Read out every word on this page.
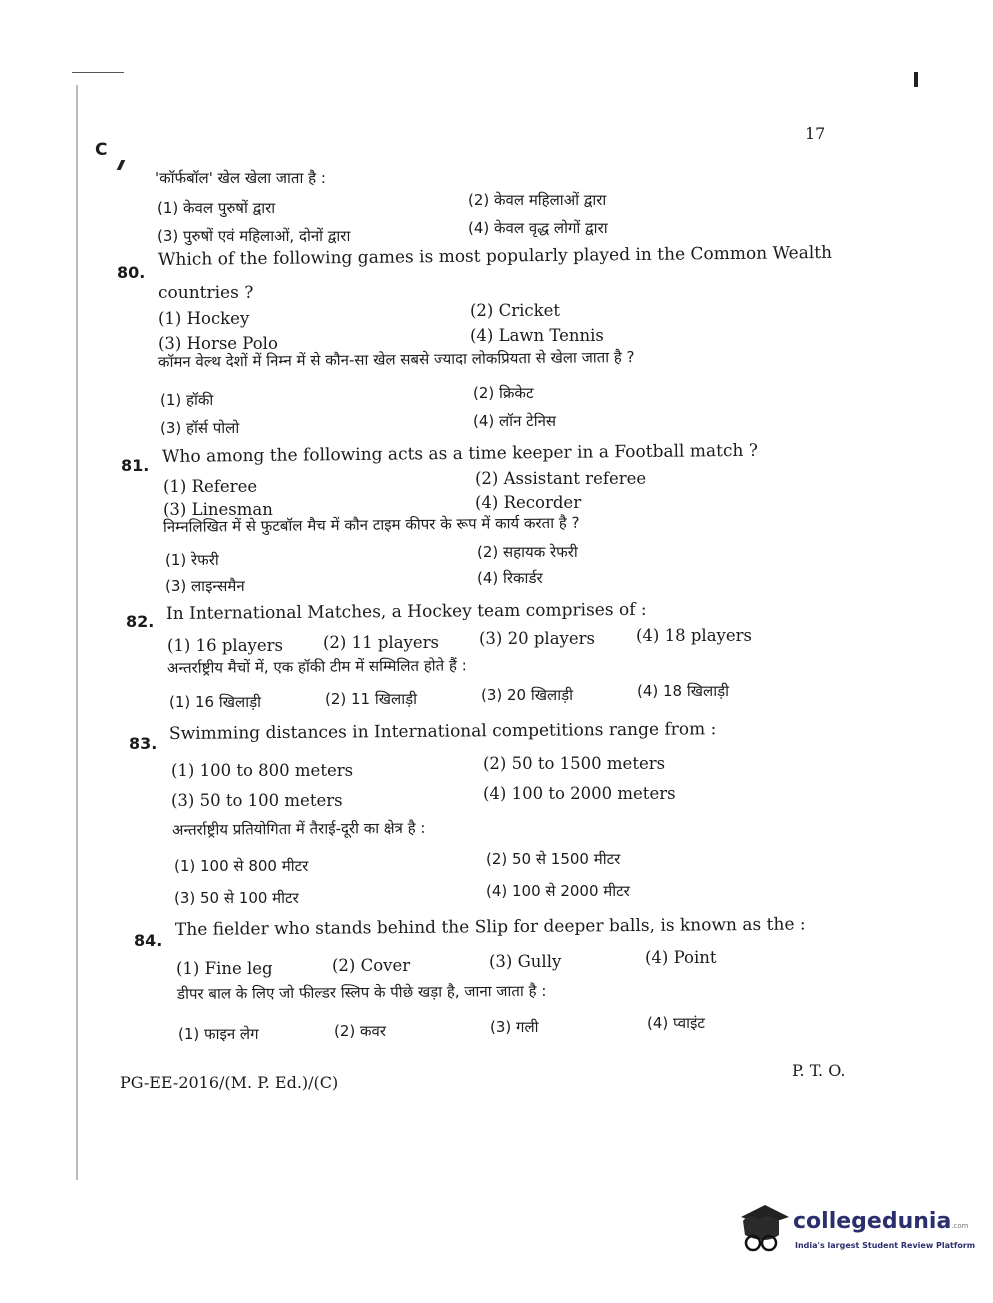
17
C
'कॉर्फबॉल' खेल खेला जाता है :
(1) केवल पुरुषों द्वारा	(2) केवल महिलाओं द्वारा
(3) पुरुषों एवं महिलाओं, दोनों द्वारा	(4) केवल वृद्ध लोगों द्वारा
80.
Which of the following games is most popularly played in the Common Wealth
countries ?
(1) Hockey	(2) Cricket
(3) Horse Polo	(4) Lawn Tennis
कॉमन वेल्थ देशों में निम्न में से कौन-सा खेल सबसे ज्यादा लोकप्रियता से खेला जाता है ?
(1) हॉकी	(2) क्रिकेट
(3) हॉर्स पोलो	(4) लॉन टेनिस
81. Who among the following acts as a time keeper in a Football match ?
(1) Referee	(2) Assistant referee
(3) Linesman	(4) Recorder
निम्नलिखित में से फुटबॉल मैच में कौन टाइम कीपर के रूप में कार्य करता है ?
(1) रेफरी	(2) सहायक रेफरी
(3) लाइन्समैन	(4) रिकार्डर
82. In International Matches, a Hockey team comprises of :
(1) 16 players (2) 11 players (3) 20 players (4) 18 players
अन्तर्राष्ट्रीय मैचों में, एक हॉकी टीम में सम्मिलित होते हैं :
(1) 16 खिलाड़ी	(2) 11 खिलाड़ी	(3) 20 खिलाड़ी	(4) 18 खिलाड़ी
83. Swimming distances in International competitions range from :
(1) 100 to 800 meters	(2) 50 to 1500 meters
(3) 50 to 100 meters	(4) 100 to 2000 meters
अन्तर्राष्ट्रीय प्रतियोगिता में तैराई-दूरी का क्षेत्र है :
(1) 100 से 800 मीटर	(2) 50 से 1500 मीटर
(3) 50 से 100 मीटर	(4) 100 से 2000 मीटर
84.
The fielder who stands behind the Slip for deeper balls, is known as the :
(1) Fine leg	(2) Cover	(3) Gully	(4) Point
डीपर बाल के लिए जो फील्डर स्लिप के पीछे खड़ा है, जाना जाता है :
(1) फाइन लेग	(2) कवर	(3) गली	(4) प्वाइंट
P. T. O.
PG-EE-2016/(M. P. Ed.)/(C)
collegedunia.com
India's largest Student Review Platform
